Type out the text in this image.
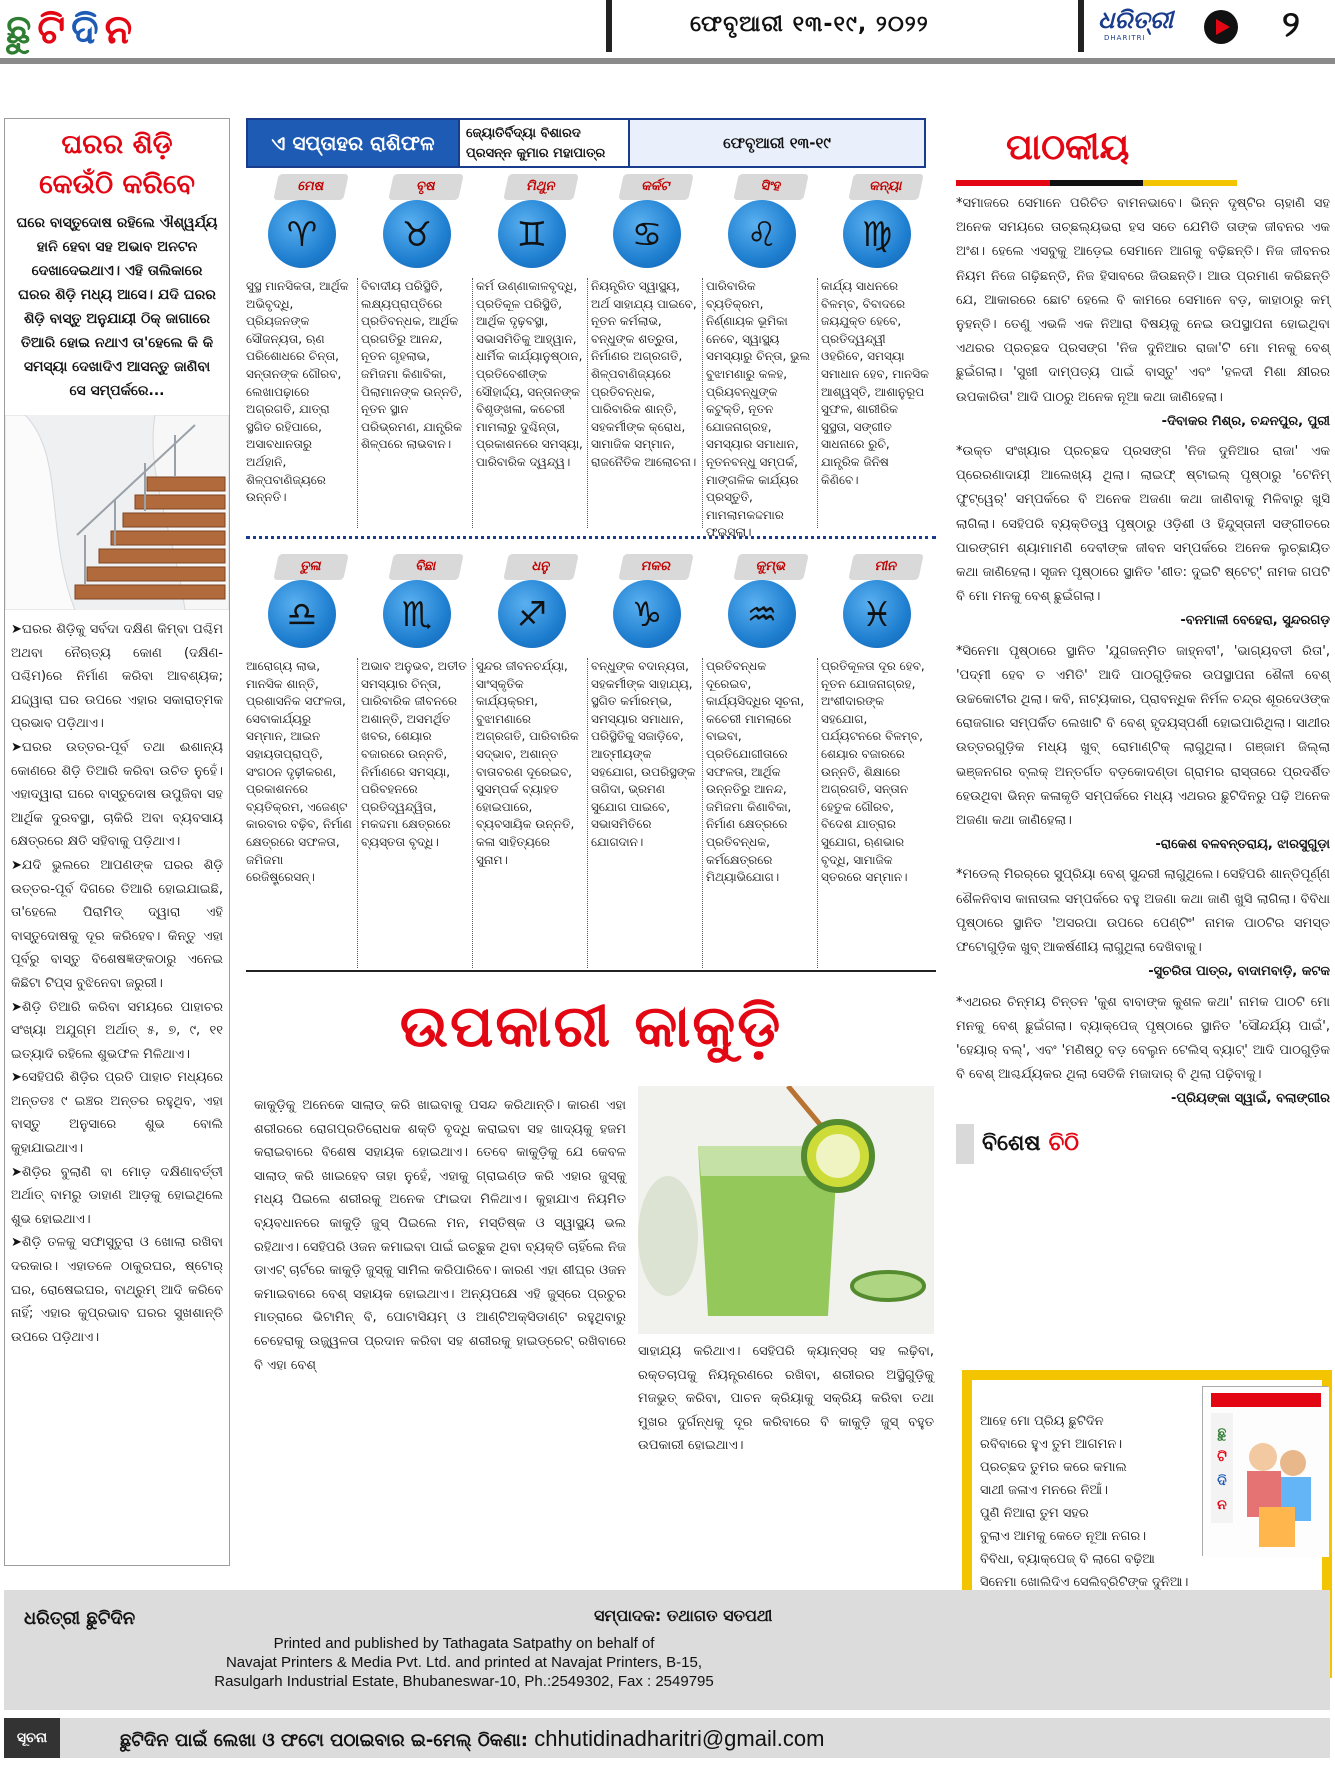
ଛୁ ଟି ଦି ନ	ଫେବୃଆରୀ ୧୩-୧୯, ୨୦୨୨	ଧରିତ୍ରୀ
DHARITRI	୨
ଘରର ଶିଡ଼ି
କେଉଁଠି କରିବେ
ଘରେ ବାସ୍ତୁଦୋଷ ରହିଲେ ଐଶ୍ୱର୍ଯ୍ୟ ହାନି ହେବା ସହ ଅଭାବ ଅନଟନ ଦେଖାଦେଇଥାଏ। ଏହି ତାଲିକାରେ ଘରର ଶିଡ଼ି ମଧ୍ୟ ଆସେ। ଯଦି ଘରର ଶିଡ଼ି ବାସ୍ତୁ ଅନୁଯାୟୀ ଠିକ୍ ଜାଗାରେ ତିଆରି ହୋଇ ନଥାଏ ତା'ହେଲେ କି କି ସମସ୍ୟା ଦେଖାଦିଏ ଆସନ୍ତୁ ଜାଣିବା ସେ ସମ୍ପର୍କରେ...

➤ଘରର ଶିଡ଼ିକୁ ସର୍ବଦା ଦକ୍ଷିଣ କିମ୍ବା ପଶ୍ଚିମ ଅଥବା ନୈଋତ୍ୟ କୋଣ (ଦକ୍ଷିଣ- ପଶ୍ଚିମ)ରେ ନିର୍ମାଣ କରିବା ଆବଶ୍ୟକ; ଯଦ୍ଦ୍ୱାରା ଘର ଉପରେ ଏହାର ସକାରାତ୍ମକ ପ୍ରଭାବ ପଡ଼ିଥାଏ।

➤ଘରର ଉତ୍ତର-ପୂର୍ବ ତଥା ଈଶାନ୍ୟ କୋଣରେ ଶିଡ଼ି ତିଆରି କରିବା ଉଚିତ ନୁହେଁ। ଏହାଦ୍ୱାରା ଘରେ ବାସ୍ତୁଦୋଷ ଉପୁଜିବା ସହ ଆର୍ଥିକ ଦୁରବସ୍ଥା, ଚାକିରି ଅବା ବ୍ୟବସାୟ କ୍ଷେତ୍ରରେ କ୍ଷତି ସହିବାକୁ ପଡ଼ିଥାଏ।

➤ଯଦି ଭୁଲରେ ଆପଣଙ୍କ ଘରର ଶିଡ଼ି ଉତ୍ତର-ପୂର୍ବ ଦିଗରେ ତିଆରି ହୋଇଯାଇଛି, ତା'ହେଲେ ପିରାମିଡ୍ ଦ୍ୱାରା ଏହି ବାସ୍ତୁଦୋଷକୁ ଦୂର କରିହେବ। କିନ୍ତୁ ଏହା ପୂର୍ବରୁ ବାସ୍ତୁ ବିଶେଷଜ୍ଞଙ୍କଠାରୁ ଏନେଇ କିଛିଟା ଟିପ୍ସ ବୁଝିନେବା ଜରୁରୀ।

➤ଶିଡ଼ି ତିଆରି କରିବା ସମୟରେ ପାହାଚର ସଂଖ୍ୟା ଅଯୁଗ୍ମ ଅର୍ଥାତ୍ ୫, ୭, ୯, ୧୧ ଇତ୍ୟାଦି ରହିଲେ ଶୁଭଫଳ ମିଳିଥାଏ।

➤ସେହିପରି ଶିଡ଼ିର ପ୍ରତି ପାହାଚ ମଧ୍ୟରେ ଅନ୍ତତଃ ୯ ଇଞ୍ଚର ଅନ୍ତର ରହୁଥିବ, ଏହା ବାସ୍ତୁ ଅନୁସାରେ ଶୁଭ ବୋଲି କୁହାଯାଇଥାଏ।

➤ଶିଡ଼ିର ବୁଲାଣି ବା ମୋଡ଼ ଦକ୍ଷିଣାବର୍ତ୍ତୀ ଅର୍ଥାତ୍ ବାମରୁ ଡାହାଣ ଆଡ଼କୁ ହୋଇଥିଲେ ଶୁଭ ହୋଇଥାଏ।

➤ଶିଡ଼ି ତଳକୁ ସଫାସୁତୁରା ଓ ଖୋଲା ରଖିବା ଦରକାର। ଏହାତଳେ ଠାକୁରଘର, ଷ୍ଟୋର୍ ଘର, ରୋଷେଇଘର, ବାଥ୍‌ରୁମ୍ ଆଦି କରିବେ ନାହିଁ; ଏହାର କୁପ୍ରଭାବ ଘରର ସୁଖଶାନ୍ତି ଉପରେ ପଡ଼ିଥାଏ।

ଏ ସପ୍ତାହର ରାଶିଫଳ	ଜ୍ୟୋତିର୍ବିଦ୍ୟା ବିଶାରଦ
ପ୍ରସନ୍ନ କୁମାର ମହାପାତ୍ର
ଫେବୃଆରୀ ୧୩-୧୯
ମେଷ
♈
ସୁସ୍ଥ ମାନସିକତା, ଆର୍ଥିକ ଅଭିବୃଦ୍ଧି, ପ୍ରିୟଜନଙ୍କ ସୌଜନ୍ୟତା, ଋଣ ପରିଶୋଧରେ ଚିନ୍ତା, ସନ୍ତାନଙ୍କ ଗୌରବ, ଲେଖାପଢ଼ାରେ ଅଗ୍ରଗତି, ଯାତ୍ରା ସ୍ଥଗିତ ରହିପାରେ, ଅସାବଧାନତାରୁ ଅର୍ଥହାନି, ଶିଳ୍ପବାଣିଜ୍ୟରେ ଉନ୍ନତି।
ବୃଷ
♉
ବିବାଦୀୟ ପରିସ୍ଥିତି, ଲକ୍ଷ୍ୟପ୍ରାପ୍ତିରେ ପ୍ରତିବନ୍ଧକ, ଆର୍ଥିକ ପ୍ରଗତିରୁ ଆନନ୍ଦ, ନୂତନ ଗୃହଲାଭ, ଜମିଜମା କିଣାବିକା, ପିଲାମାନଙ୍କ ଉନ୍ନତି, ନୂତନ ସ୍ଥାନ ପରିଭ୍ରମଣ, ଯାନ୍ତ୍ରିକ ଶିଳ୍ପରେ ଲାଭବାନ।
ମିଥୁନ
♊
କର୍ମ ଉଣ୍ଣାକାଳବୃଦ୍ଧି, ପ୍ରତିକୂଳ ପରିସ୍ଥିତି, ଆର୍ଥିକ ଦୃଢ଼ବସ୍ଥା, ସଭାସମିତିକୁ ଆହ୍ୱାନ, ଧାର୍ମିକ କାର୍ଯ୍ୟାନୁଷ୍ଠାନ, ପ୍ରତିବେଶୀଙ୍କ ସୌହାର୍ଦ୍ଦ୍ୟ, ସନ୍ତାନଙ୍କ ବିଶୃଙ୍ଖଳା, କଚେରୀ ମାମଲାରୁ ଦୁଶ୍ଚିନ୍ତା, ପ୍ରକାଶନରେ ସମସ୍ୟା, ପାରିବାରିକ ଦ୍ୱନ୍ଦ୍ୱ।
କର୍କଟ
♋
ନିୟନ୍ତ୍ରିତ ସ୍ୱାସ୍ଥ୍ୟ, ଅର୍ଥ ସାହାଯ୍ୟ ପାଇବେ, ନୂତନ କର୍ମଲାଭ, ବନ୍ଧୁଙ୍କ ଶତ୍ରୁତା, ନିର୍ମାଣର ଅଗ୍ରଗତି, ଶିଳ୍ପବାଣିଜ୍ୟରେ ପ୍ରତିବନ୍ଧକ, ପାରିବାରିକ ଶାନ୍ତି, ସହକର୍ମୀଙ୍କ କ୍ରୋଧ, ସାମାଜିକ ସମ୍ମାନ, ରାଜନୈତିକ ଆଲୋଚନା।
ସିଂହ
♌
ପାରିବାରିକ ବ୍ୟତିକ୍ରମ, ନିର୍ଣ୍ଣାୟକ ଭୂମିକା ନେବେ, ସ୍ୱାସ୍ଥ୍ୟ ସମସ୍ୟାରୁ ଚିନ୍ତା, ଭୁଲ ବୁଝାମଣାରୁ କଳହ, ପ୍ରିୟବନ୍ଧୁଙ୍କ କଟୁକ୍ତି, ନୂତନ ଯୋଜନାଗ୍ରହ, ସମସ୍ୟାର ସମାଧାନ, ନୂତନବନ୍ଧୁ ସମ୍ପର୍କ, ମାଙ୍ଗଳିକ କାର୍ଯ୍ୟର ପ୍ରସ୍ତୁତି, ମାମଲାମକଦ୍ଦମାର ଫଇସଲା।
କନ୍ୟା
♍
କାର୍ଯ୍ୟ ସାଧନରେ ବିଳମ୍ବ, ବିବାଦରେ ଜୟଯୁକ୍ତ ହେବେ, ପ୍ରତିଦ୍ୱନ୍ଦ୍ୱୀ ଓହରିବେ, ସମସ୍ୟା ସମାଧାନ ହେବ, ମାନସିକ ଆଶ୍ୱସ୍ତି, ଆଶାନୁରୂପ ସୁଫଳ, ଶାରୀରିକ ସୁସ୍ଥତା, ସଙ୍ଗୀତ ସାଧନାରେ ରୁଚି, ଯାନ୍ତ୍ରିକ ଜିନିଷ କିଣିବେ।
ତୁଳା
♎
ଆରୋଗ୍ୟ ଲାଭ, ମାନସିକ ଶାନ୍ତି, ପ୍ରଶାସନିକ ସଫଳତା, ସେବାକାର୍ଯ୍ୟରୁ ସମ୍ମାନ, ଆଇନ ସହାୟତାପ୍ରାପ୍ତି, ସଂଗଠନ ଦୃଢ଼ୀକରଣ, ପ୍ରକାଶନରେ ବ୍ୟତିକ୍ରମ, ଏଜେଣ୍ଟ କାରବାର ବଢ଼ିବ, ନିର୍ମାଣ କ୍ଷେତ୍ରରେ ସଫଳତା, ଜମିଜମା ରେଜିଷ୍ଟ୍ରେସନ୍।
ବିଛା
♏
ଅଭାବ ଅନୁଭବ, ଅତୀତ ସମସ୍ୟାର ଚିନ୍ତା, ପାରିବାରିକ ଜୀବନରେ ଅଶାନ୍ତି, ଅସମର୍ଥିତ ଖବର, ଶେୟାର ବଜାରରେ ଉନ୍ନତି, ନିର୍ମାଣରେ ସମସ୍ୟା, ପରିବହନରେ ପ୍ରତିଦ୍ୱନ୍ଦ୍ୱିତା, ମକଦ୍ଦମା କ୍ଷେତ୍ରରେ ବ୍ୟସ୍ତତା ବୃଦ୍ଧି।
ଧନୁ
♐
ସୁନ୍ଦର ଜୀବନଚର୍ଯ୍ୟା, ସାଂସ୍କୃତିକ କାର୍ଯ୍ୟକ୍ରମ, ବୁଝାମଣାରେ ଅଗ୍ରଗତି, ପାରିବାରିକ ସଦ୍‌ଭାବ, ଅଶାନ୍ତ ବାତାବରଣ ଦୂରେଇବ, ସୁସମ୍ପର୍କ ବ୍ୟାହତ ହୋଇପାରେ, ବ୍ୟବସାୟିକ ଉନ୍ନତି, କଳା ସାହିତ୍ୟରେ ସୁନାମ।
ମକର
♑
ବନ୍ଧୁଙ୍କ ବଦାନ୍ୟତା, ସହକର୍ମୀଙ୍କ ସାହାଯ୍ୟ, ସ୍ଥଗିତ କର୍ମାରମ୍ଭ, ସମସ୍ୟାର ସମାଧାନ, ପରିସ୍ଥିତିକୁ ସଜାଡ଼ିବେ, ଆତ୍ମୀୟଙ୍କ ସହଯୋଗ, ଉପରିସ୍ଥଙ୍କ ତାଗିଦା, ଭ୍ରମଣ ସୁଯୋଗ ପାଇବେ, ସଭାସମିତିରେ ଯୋଗଦାନ।
କୁମ୍ଭ
♒
ପ୍ରତିବନ୍ଧକ ଦୂରେଇବ, କାର୍ଯ୍ୟସିଦ୍ଧିର ସୂଚନା, କଚେରୀ ମାମଲାରେ ବାଇବା, ପ୍ରତିଯୋଗୀତାରେ ସଫଳତା, ଆର୍ଥିକ ଉନ୍ନତିରୁ ଆନନ୍ଦ, ଜମିଜମା କିଣାବିକା, ନିର୍ମାଣ କ୍ଷେତ୍ରରେ ପ୍ରତିବନ୍ଧକ, କର୍ମକ୍ଷେତ୍ରରେ ମିଥ୍ୟାଭିଯୋଗ।
ମୀନ
♓
ପ୍ରତିକୂଳତା ଦୂର ହେବ, ନୂତନ ଯୋଜନାଗ୍ରହ, ଅଂଶୀଦାରଙ୍କ ସହଯୋଗ, ପର୍ଯ୍ୟଟନରେ ବିଳମ୍ବ, ଶେୟାର ବଜାରରେ ଉନ୍ନତି, ଶିକ୍ଷାରେ ଅଗ୍ରଗତି, ସନ୍ତାନ ହେତୁକ ଗୌରବ, ବିଦେଶ ଯାତ୍ରାର ସୁଯୋଗ, ଋଣଭାର ବୃଦ୍ଧି, ସାମାଜିକ ସ୍ତରରେ ସମ୍ମାନ।
ଉପକାରୀ କାକୁଡ଼ି
କାକୁଡ଼ିକୁ ଅନେକେ ସାଲାଡ୍ କରି ଖାଇବାକୁ ପସନ୍ଦ କରିଥାନ୍ତି। କାରଣ ଏହା ଶରୀରରେ ରୋଗପ୍ରତିରୋଧକ ଶକ୍ତି ବୃଦ୍ଧି କରାଇବା ସହ ଖାଦ୍ୟକୁ ହଜମ କରାଇବାରେ ବିଶେଷ ସହାୟକ ହୋଇଥାଏ। ତେବେ କାକୁଡ଼ିକୁ ଯେ କେବଳ ସାଲାଡ୍ କରି ଖାଇହେବ ତାହା ନୁହେଁ, ଏହାକୁ ଗ୍ରାଇଣ୍ଡ କରି ଏହାର ଜୁସ୍‌କୁ ମଧ୍ୟ ପିଇଲେ ଶରୀରକୁ ଅନେକ ଫାଇଦା ମିଳିଥାଏ। କୁହାଯାଏ ନିୟମିତ ବ୍ୟବଧାନରେ କାକୁଡ଼ି ଜୁସ୍ ପିଇଲେ ମନ, ମସ୍ତିଷ୍କ ଓ ସ୍ୱାସ୍ଥ୍ୟ ଭଲ ରହିଥାଏ। ସେହିପରି ଓଜନ କମାଇବା ପାଇଁ ଇଚ୍ଛୁକ ଥିବା ବ୍ୟକ୍ତି ଚାହିଁଲେ ନିଜ ଡାଏଟ୍ ଚାର୍ଟରେ କାକୁଡ଼ି ଜୁସ୍‌କୁ ସାମିଲ କରିପାରିବେ। କାରଣ ଏହା ଶୀଘ୍ର ଓଜନ କମାଇବାରେ ବେଶ୍ ସହାୟକ ହୋଇଥାଏ। ଅନ୍ୟପକ୍ଷେ ଏହି ଜୁସ୍‌ରେ ପ୍ରଚୁର ମାତ୍ରାରେ ଭିଟାମିନ୍ ବି, ପୋଟାସିୟମ୍ ଓ ଆଣ୍ଟିଅକ୍ସିଡାଣ୍ଟ ରହୁଥିବାରୁ ଚେହେରାକୁ ଉଜ୍ଜ୍ୱଳତା ପ୍ରଦାନ କରିବା ସହ ଶରୀରକୁ ହାଇଡ୍ରେଟ୍ ରଖିବାରେ ବି ଏହା ବେଶ୍
ସାହାଯ୍ୟ କରିଥାଏ। ସେହିପରି କ୍ୟାନ୍ସର୍ ସହ ଲଢ଼ିବା, ରକ୍ତଚାପକୁ ନିୟନ୍ତ୍ରଣରେ ରଖିବା, ଶରୀରର ଅସ୍ଥିଗୁଡ଼ିକୁ ମଜଭୁତ୍ କରିବା, ପାଚନ କ୍ରିୟାକୁ ସକ୍ରିୟ କରିବା ତଥା ମୁଖର ଦୁର୍ଗନ୍ଧକୁ ଦୂର କରିବାରେ ବି କାକୁଡ଼ି ଜୁସ୍ ବହୁତ ଉପକାରୀ ହୋଇଥାଏ।
ପାଠକୀୟ
*ସମାଜରେ ସେମାନେ ପରିଚିତ ବାମନଭାବେ। ଭିନ୍ନ ଦୃଷ୍ଟିର ଚାହାଣି ସହ ଅନେକ ସମୟରେ ତାଚ୍ଛଲ୍ୟଭରା ହସ ସତେ ଯେମିତି ତାଙ୍କ ଜୀବନର ଏକ ଅଂଶ। ହେଲେ ଏସବୁକୁ ଆଡ଼େଇ ସେମାନେ ଆଗକୁ ବଢ଼ିଛନ୍ତି। ନିଜ ଜୀବନର ନିୟମ ନିଜେ ଗଢ଼ିଛନ୍ତି, ନିଜ ହିସାବରେ ଜିଉଛନ୍ତି। ଆଉ ପ୍ରମାଣ କରିଛନ୍ତି ଯେ, ଆକାରରେ ଛୋଟ ହେଲେ ବି କାମରେ ସେମାନେ ବଡ଼, କାହାଠାରୁ କମ୍ ନୁହନ୍ତି। ତେଣୁ ଏଭଳି ଏକ ନିଆରା ବିଷୟକୁ ନେଇ ଉପସ୍ଥାପନା ହୋଇଥିବା ଏଥରର ପ୍ରଚ୍ଛଦ ପ୍ରସଙ୍ଗ 'ନିଜ ଦୁନିଆର ରାଜା'ଟି ମୋ ମନକୁ ବେଶ୍ ଛୁଇଁଗଲା। 'ସୁଖୀ ଦାମ୍ପତ୍ୟ ପାଇଁ ବାସ୍ତୁ' ଏବଂ 'ହଳଦୀ ମିଶା କ୍ଷୀରର ଉପକାରିତା' ଆଦି ପାଠରୁ ଅନେକ ନୂଆ କଥା ଜାଣିହେଲା।
-ଦିବାକର ମିଶ୍ର, ଚନ୍ଦନପୁର, ପୁରୀ
*ଉକ୍ତ ସଂଖ୍ୟାର ପ୍ରଚ୍ଛଦ ପ୍ରସଙ୍ଗ 'ନିଜ ଦୁନିଆର ରାଜା' ଏକ ପ୍ରେରଣାଦାୟୀ ଆଲେଖ୍ୟ ଥିଲା। ଲାଇଫ୍ ଷ୍ଟାଇଲ୍ ପୃଷ୍ଠାରୁ 'ଟେନିମ୍ ଫୁଟ୍‌ୱେର୍' ସମ୍ପର୍କରେ ବି ଅନେକ ଅଜଣା କଥା ଜାଣିବାକୁ ମିଳିବାରୁ ଖୁସି ଲାଗିଲା। ସେହିପରି ବ୍ୟକ୍ତିତ୍ୱ ପୃଷ୍ଠାରୁ ଓଡ଼ିଶୀ ଓ ହିନ୍ଦୁସ୍ତାନୀ ସଙ୍ଗୀତରେ ପାରଙ୍ଗମ ଶ୍ୟାମାମଣି ଦେବୀଙ୍କ ଜୀବନ ସମ୍ପର୍କରେ ଅନେକ ଲୁଚ୍ଛାୟିତ କଥା ଜାଣିହେଲା। ସୃଜନ ପୃଷ୍ଠାରେ ସ୍ଥାନିତ 'ଶୀତ: ଦୁଇଟି ଷ୍ଟେଟ୍' ନାମକ ଗପଟି ବି ମୋ ମନକୁ ବେଶ୍ ଛୁଇଁଗଲା।
-ବନମାଳୀ ବେହେରା, ସୁନ୍ଦରଗଡ଼
*ସିନେମା ପୃଷ୍ଠାରେ ସ୍ଥାନିତ 'ଯୁଗଜନ୍ମିତ ଜାହ୍ନବୀ', 'ଭାଗ୍ୟବତୀ ରିତା', 'ପଦ୍ମୀ ହେବ ତ ଏମିତି' ଆଦି ପାଠଗୁଡ଼ିକର ଉପସ୍ଥାପନା ଶୈଳୀ ବେଶ୍ ଉଚ୍ଚକୋଟୀର ଥିଲା। କବି, ନାଟ୍ୟକାର, ପ୍ରାବନ୍ଧିକ ନିର୍ମଳ ଚନ୍ଦ୍ର ଶୂରଦେଓଙ୍କ ରୋଜଗାର ସମ୍ପର୍କିତ ଲେଖାଟି ବି ବେଶ୍ ହୃଦୟସ୍ପର୍ଶୀ ହୋଇପାରିଥିଲା। ସାଥୀର ଉତ୍ତରଗୁଡ଼ିକ ମଧ୍ୟ ଖୁବ୍ ରୋମାଣ୍ଟିକ୍ ଲାଗୁଥିଲା। ଗଞ୍ଜାମ ଜିଲ୍ଲା ଭଞ୍ଜନଗର ବ୍ଲକ୍ ଅନ୍ତର୍ଗତ ବଡ଼କୋଦଣ୍ଡା ଗ୍ରାମର ରାସ୍ତାରେ ପ୍ରଦର୍ଶିତ ହେଉଥିବା ଭିନ୍ନ କଳାକୃତି ସମ୍ପର୍କରେ ମଧ୍ୟ ଏଥରର ଛୁଟିଦିନରୁ ପଢ଼ି ଅନେକ ଅଜଣା କଥା ଜାଣିହେଲା।
-ରାକେଶ ବଳବନ୍ତରାୟ, ଝାରସୁଗୁଡ଼ା
*ମଡେଲ୍ ମିରର୍‌ରେ ସୁପ୍ରିୟା ବେଶ୍ ସୁନ୍ଦରୀ ଲାଗୁଥିଲେ। ସେହିପରି ଶାନ୍ତିପୂର୍ଣ୍ଣ ଶୈଳନିବାସ କାନାତାଲ ସମ୍ପର୍କରେ ବହୁ ଅଜଣା କଥା ଜାଣି ଖୁସି ଲାଗିଲା। ବିବିଧା ପୃଷ୍ଠାରେ ସ୍ଥାନିତ 'ଅସରପା ଉପରେ ପେଣ୍ଟିଂ' ନାମକ ପାଠଟିର ସମସ୍ତ ଫଟୋଗୁଡ଼ିକ ଖୁବ୍ ଆକର୍ଷଣୀୟ ଲାଗୁଥିଲା ଦେଖିବାକୁ।
-ସୁଚରିତା ପାତ୍ର, ବାଦାମବାଡ଼ି, କଟକ
*ଏଥରର ଚିନ୍ମୟ ଚିନ୍ତନ 'କୁଶ ବାବାଙ୍କ କୁଶଳ କଥା' ନାମକ ପାଠଟି ମୋ ମନକୁ ବେଶ୍ ଛୁଇଁଗଲା। ବ୍ୟାକ୍‌ପେଜ୍ ପୃଷ୍ଠାରେ ସ୍ଥାନିତ 'ସୌନ୍ଦର୍ଯ୍ୟ ପାଇଁ', 'ହେୟାର୍ ବଲ୍', ଏବଂ 'ମଣିଷଠୁ ବଡ଼ ବେଲୁନ ଟେଲିସ୍ ବ୍ୟାଟ୍' ଆଦି ପାଠଗୁଡ଼ିକ ବି ବେଶ୍ ଆଶ୍ଚର୍ଯ୍ୟକର ଥିଲା ସେତିକି ମଜାଦାର୍ ବି ଥିଲା ପଢ଼ିବାକୁ।
-ପ୍ରିୟଙ୍କା ସ୍ୱାଇଁ, ବଲାଙ୍ଗୀର
ବିଶେଷ ଚିଠି
ଆହେ ମୋ ପ୍ରିୟ ଛୁଟିଦିନ
ରବିବାରେ ହୁଏ ତୁମ ଆଗମନ।
ପ୍ରଚ୍ଛଦ ତୁମର କରେ କମାଲ
ସାଥୀ ଜଳାଏ ମନରେ ନିଆଁ।
ପୁଣି ନିଆରା ତୁମ ସହର
ବୁଲାଏ ଆମକୁ କେତେ ନୂଆ ନଗର।
ବିବିଧା, ବ୍ୟାକ୍‌ପେଜ୍ ବି ଲାଗେ ବଢ଼ିଆ
ସିନେମା ଖୋଲିଦିଏ ସେଲିବ୍ରିଟିଙ୍କ ଦୁନିଆ।
ଛୁ
ଟି
ଦି
ନ
ଧରିତ୍ରୀ ଛୁଟିଦିନ	ସମ୍ପାଦକ: ତଥାଗତ ସତପଥୀ
Printed and published by Tathagata Satpathy on behalf of
Navajat Printers & Media Pvt. Ltd. and printed at Navajat Printers, B-15,
Rasulgarh Industrial Estate, Bhubaneswar-10, Ph.:2549302, Fax : 2549795
ସୂଚନା	ଛୁଟିଦିନ ପାଇଁ ଲେଖା ଓ ଫଟୋ ପଠାଇବାର ଇ-ମେଲ୍ ଠିକଣା: chhutidinadharitri@gmail.com
